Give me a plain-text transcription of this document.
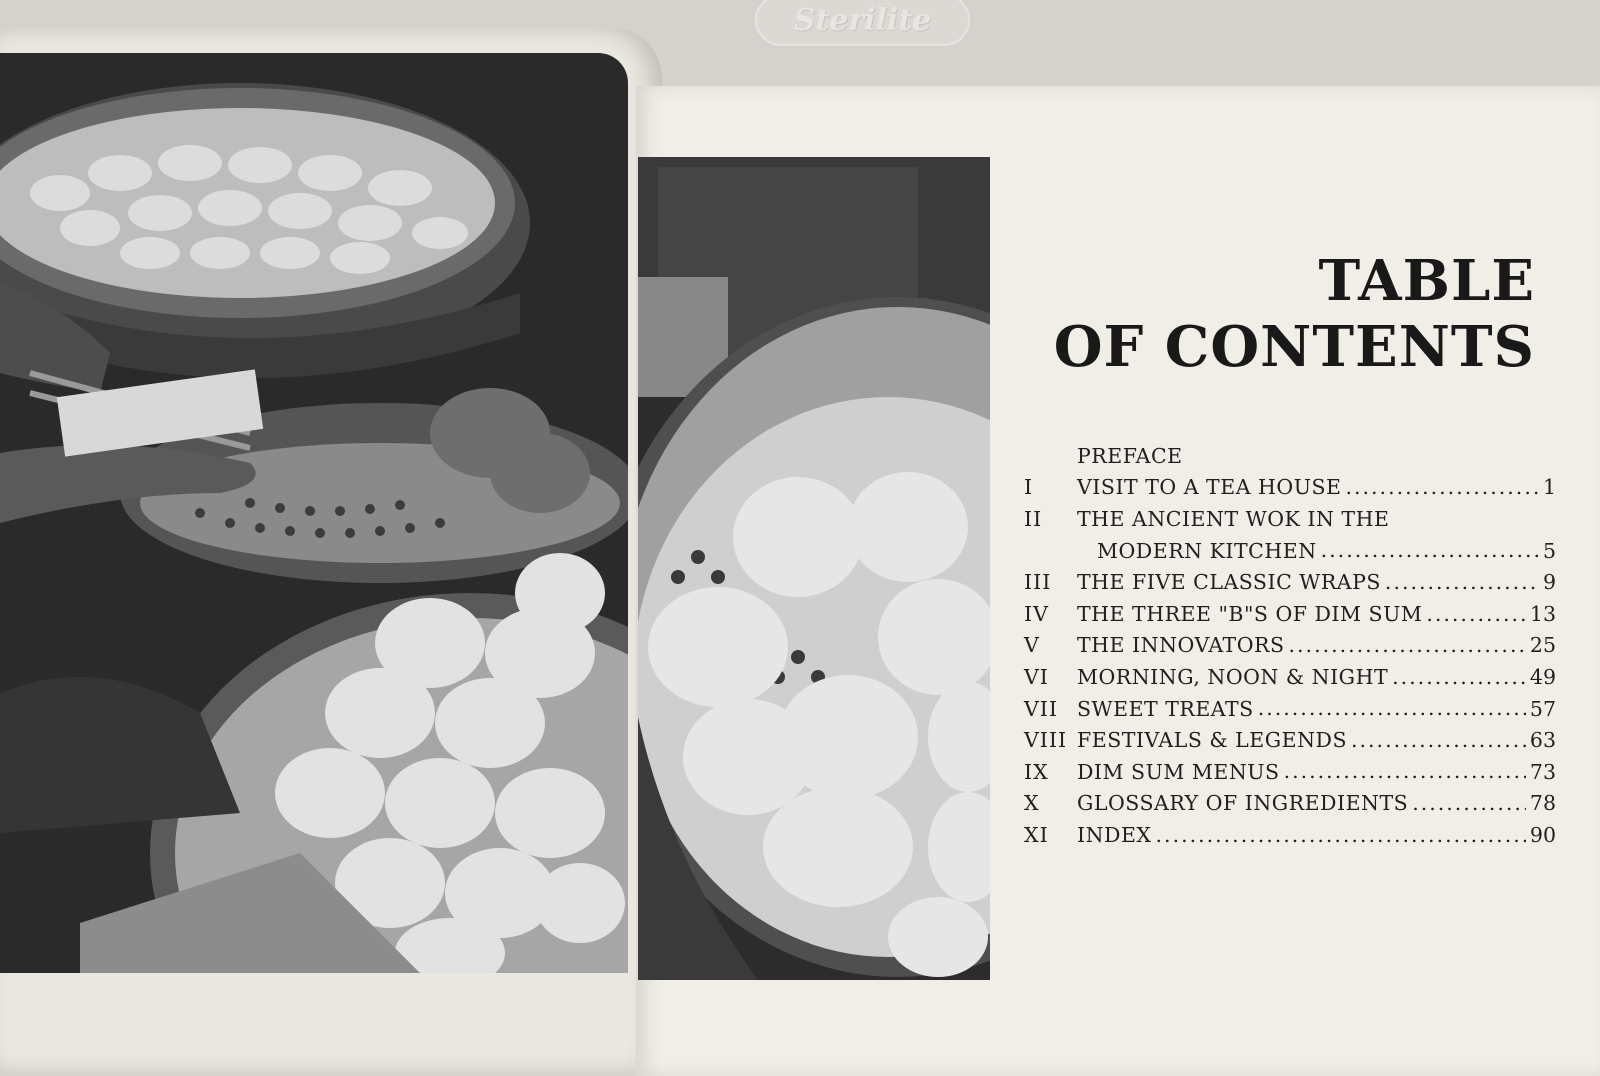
Sterilite
TABLE
OF CONTENTS
PREFACE
I	VISIT TO A TEA HOUSE .....	1
II	THE ANCIENT WOK IN THE
MODERN KITCHEN .....	5
III	THE FIVE CLASSIC WRAPS .....	9
IV	THE THREE "B"S OF DIM SUM .....	13
V	THE INNOVATORS .....	25
VI	MORNING, NOON & NIGHT .....	49
VII SWEET TREATS .....	57
VIII FESTIVALS & LEGENDS .....	63
IX	DIM SUM MENUS .....	73
X	GLOSSARY OF INGREDIENTS .....	78
XI	INDEX .....	90
